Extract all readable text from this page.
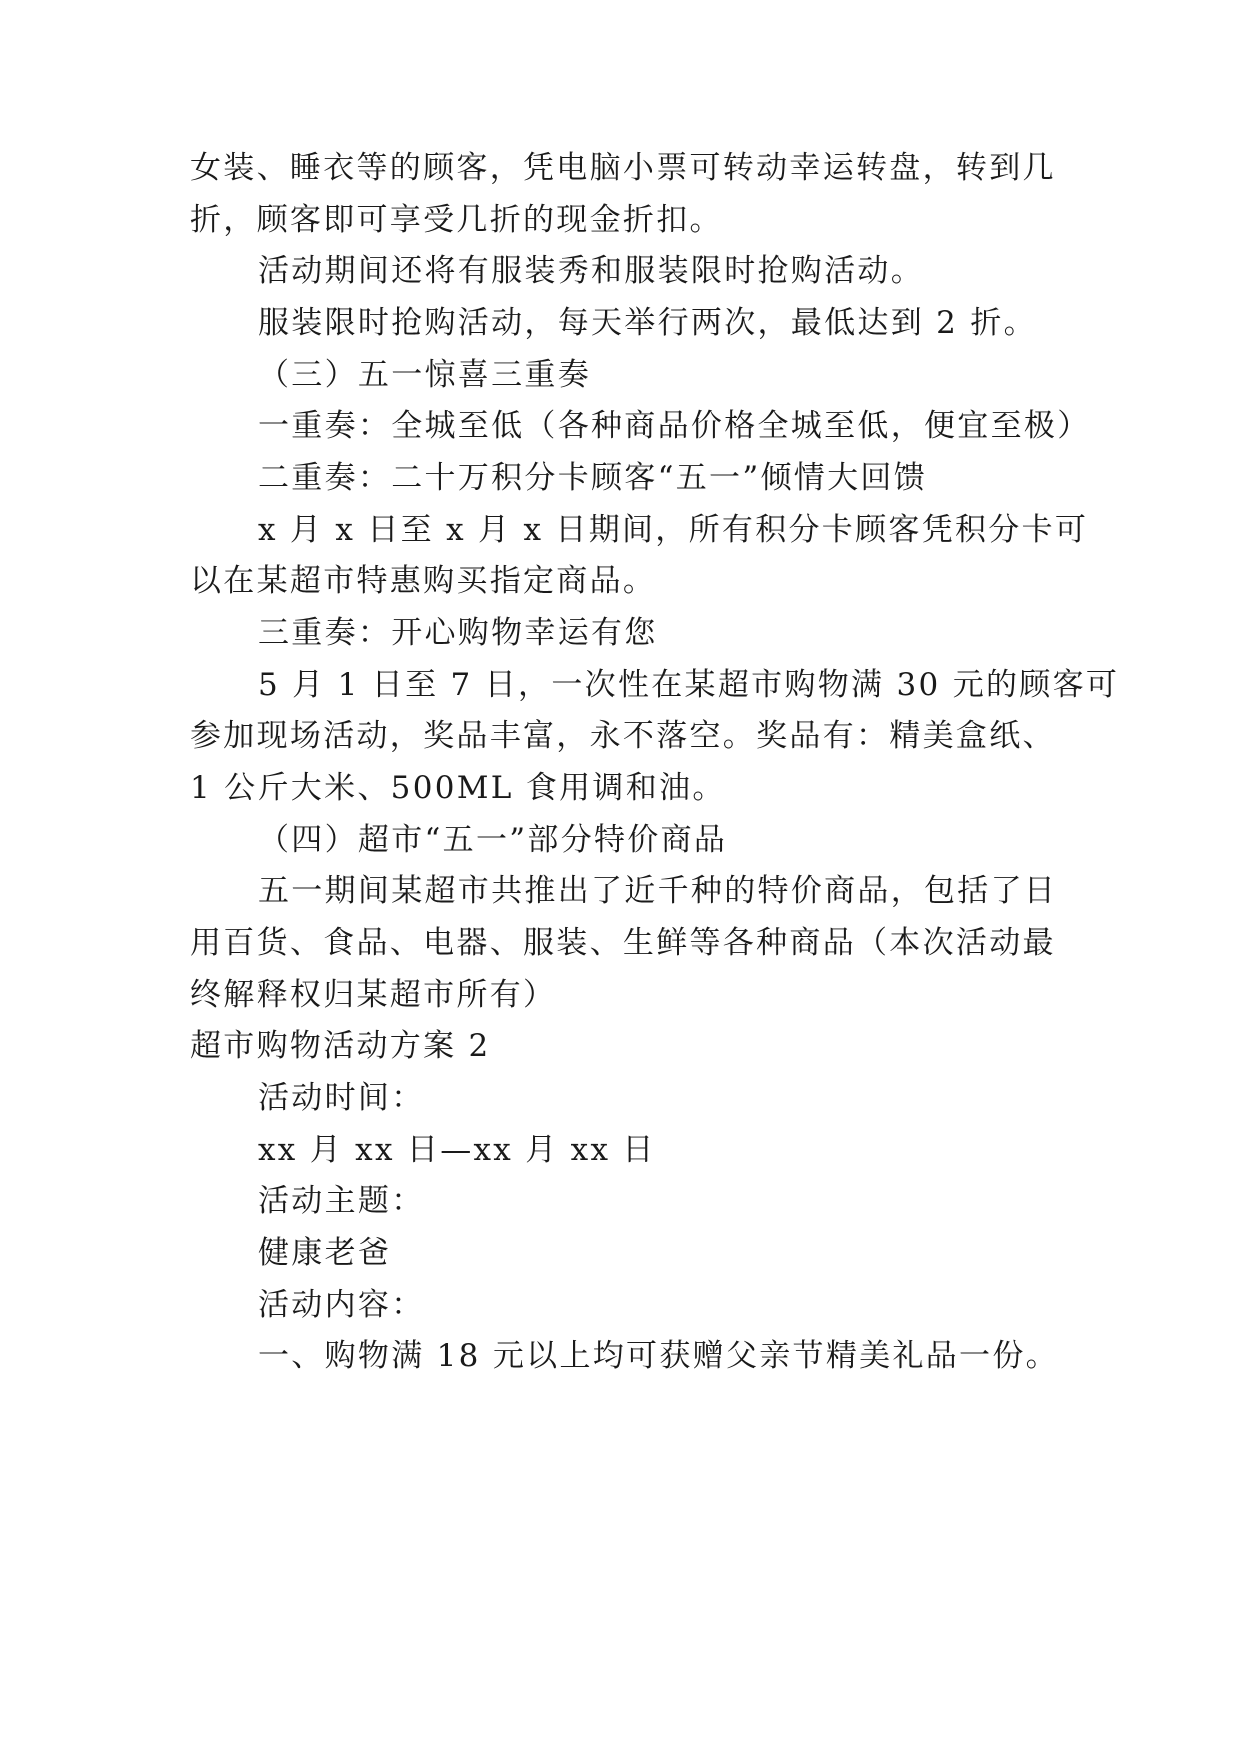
女装、睡衣等的顾客，凭电脑小票可转动幸运转盘，转到几
折，顾客即可享受几折的现金折扣。
活动期间还将有服装秀和服装限时抢购活动。
服装限时抢购活动，每天举行两次，最低达到 2 折。
（三）五一惊喜三重奏
一重奏：全城至低（各种商品价格全城至低，便宜至极）
二重奏：二十万积分卡顾客“五一”倾情大回馈
x 月 x 日至 x 月 x 日期间，所有积分卡顾客凭积分卡可
以在某超市特惠购买指定商品。
三重奏：开心购物幸运有您
5 月 1 日至 7 日，一次性在某超市购物满 30 元的顾客可
参加现场活动，奖品丰富，永不落空。奖品有：精美盒纸、
1 公斤大米、500ML 食用调和油。
（四）超市“五一”部分特价商品
五一期间某超市共推出了近千种的特价商品，包括了日
用百货、食品、电器、服装、生鲜等各种商品（本次活动最
终解释权归某超市所有）
超市购物活动方案 2
活动时间：
xx 月 xx 日—xx 月 xx 日
活动主题：
健康老爸
活动内容：
一、购物满 18 元以上均可获赠父亲节精美礼品一份。
